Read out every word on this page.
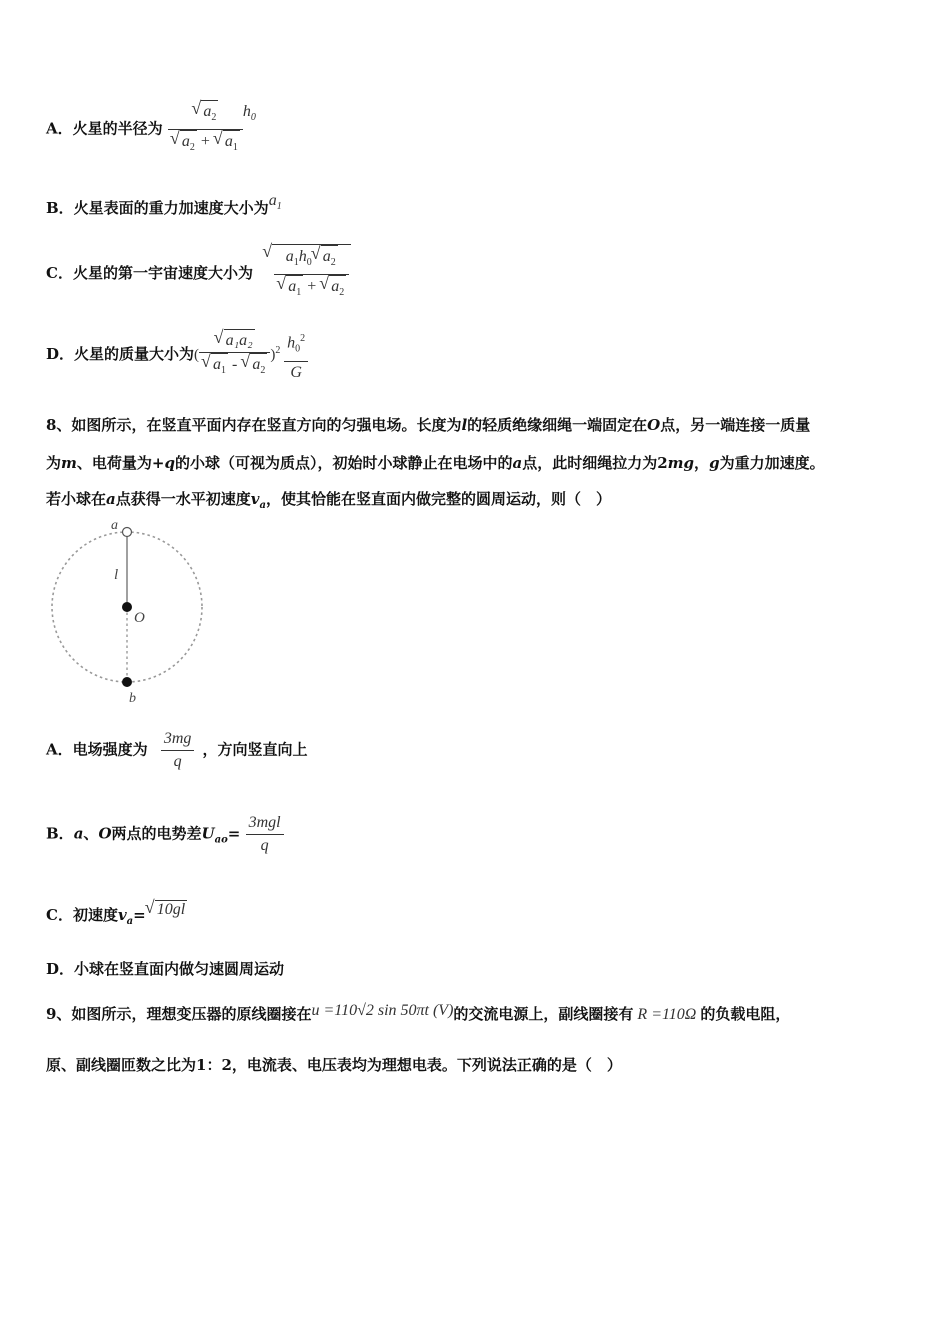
A．火星的半径为
√ $a_2$
√ $a_2$ + √ $a_1$ $h_0$
B．火星表面的重力加速度大小为$a_1$
C．火星的第一宇宙速度大小为
√ $a_1h_0√$ $a_2$
√ $a_1$ + √ $a_2$
D．火星的质量大小为(
√ a₁a₂
√ $a_1$ - √ $a_2$ )$^2 \frac{h_0^2}{G}$
8、如图所示，在竖直平面内存在竖直方向的匀强电场。长度为l的轻质绝缘细绳一端固定在O点，另一端连接一质量
为m、电荷量为+q的小球（可视为质点），初始时小球静止在电场中的a点，此时细绳拉力为2mg，g为重力加速度。
若小球在a点获得一水平初速度$v_a$，使其恰能在竖直面内做完整的圆周运动，则（　）
a
l
O
b
A．电场强度为 $\frac{3mg}{q}$ ，方向竖直向上
B．a、O两点的电势差$U_{ao}= \frac{\text{3mgl}}{q}$
C．初速度$v_a=√$ 10gl
D．小球在竖直面内做匀速圆周运动
9、如图所示，理想变压器的原线圈接在u =110√2 sin 50πt (V)的交流电源上，副线圈接有 R =110Ω 的负载电阻，
原、副线圈匝数之比为1：2，电流表、电压表均为理想电表。下列说法正确的是（　）
